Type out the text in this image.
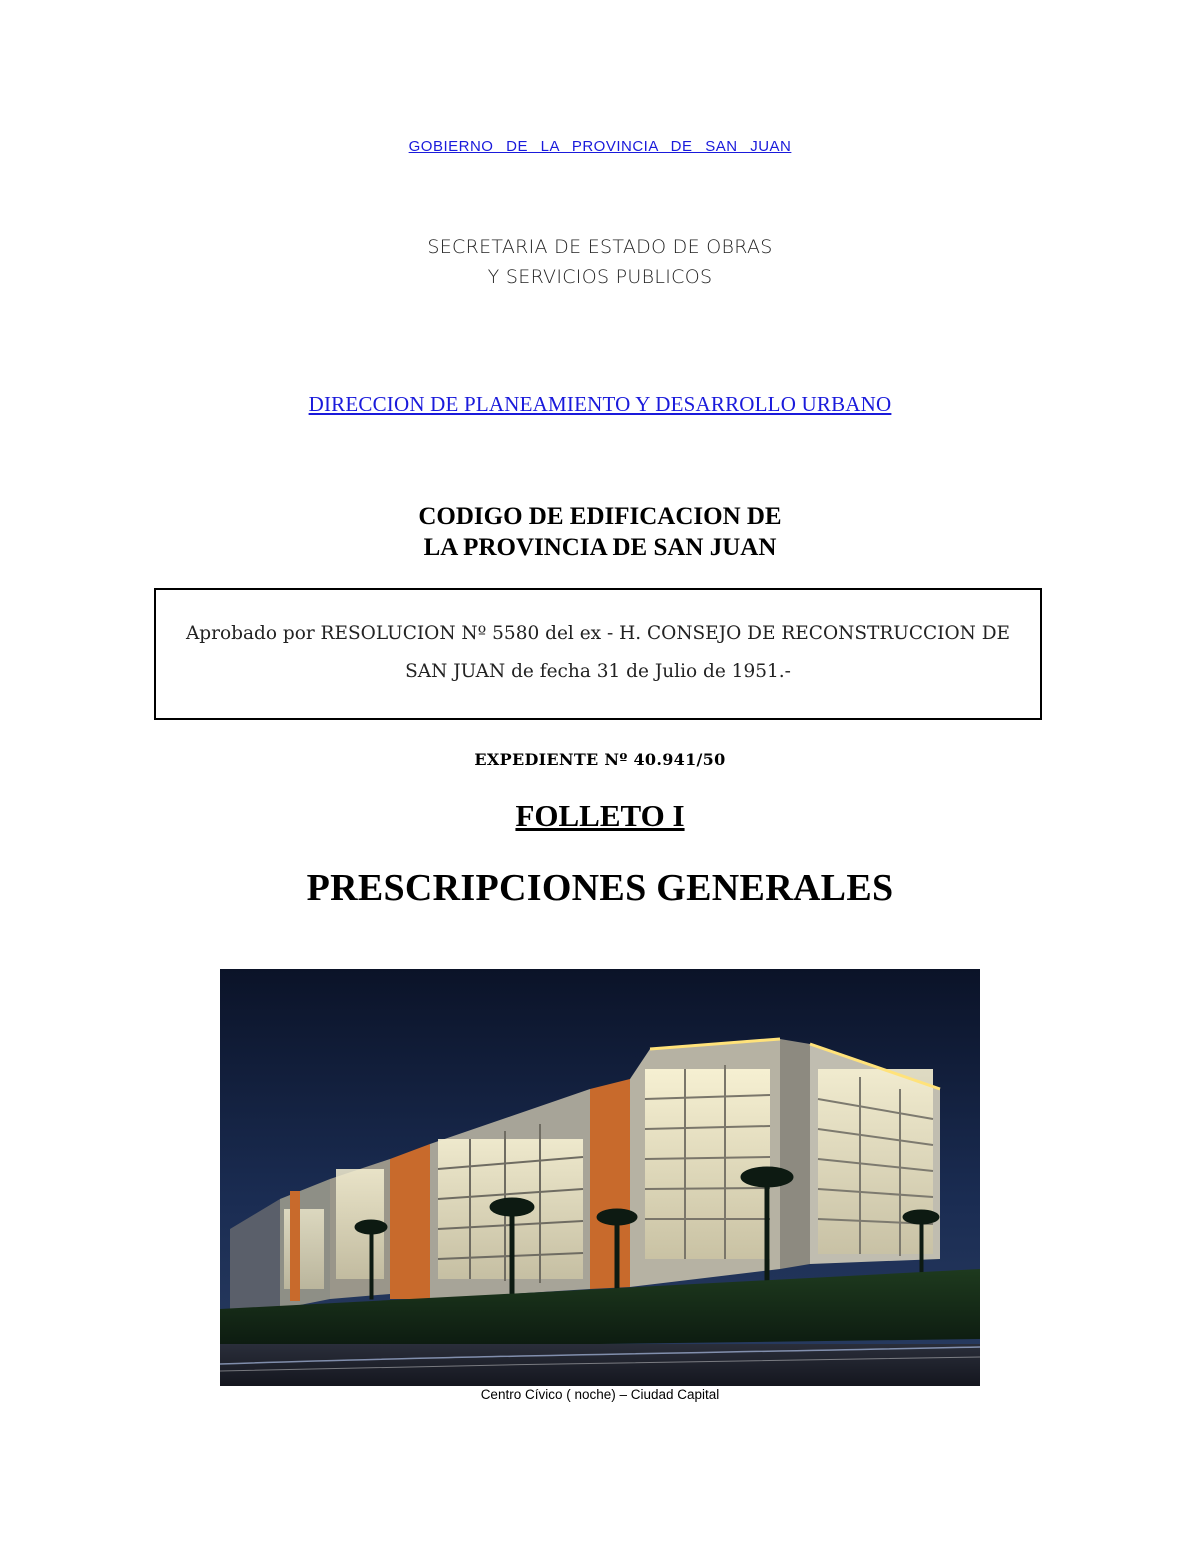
GOBIERNO DE LA PROVINCIA DE SAN JUAN
SECRETARIA DE ESTADO DE OBRAS
Y SERVICIOS PUBLICOS
DIRECCION DE PLANEAMIENTO Y DESARROLLO URBANO
CODIGO DE EDIFICACION DE
LA PROVINCIA DE SAN JUAN
Aprobado por RESOLUCION Nº 5580 del ex - H. CONSEJO DE RECONSTRUCCION DE
SAN JUAN de fecha 31 de Julio de 1951.-
EXPEDIENTE Nº 40.941/50
FOLLETO I
PRESCRIPCIONES GENERALES
Centro Cívico ( noche) – Ciudad Capital
